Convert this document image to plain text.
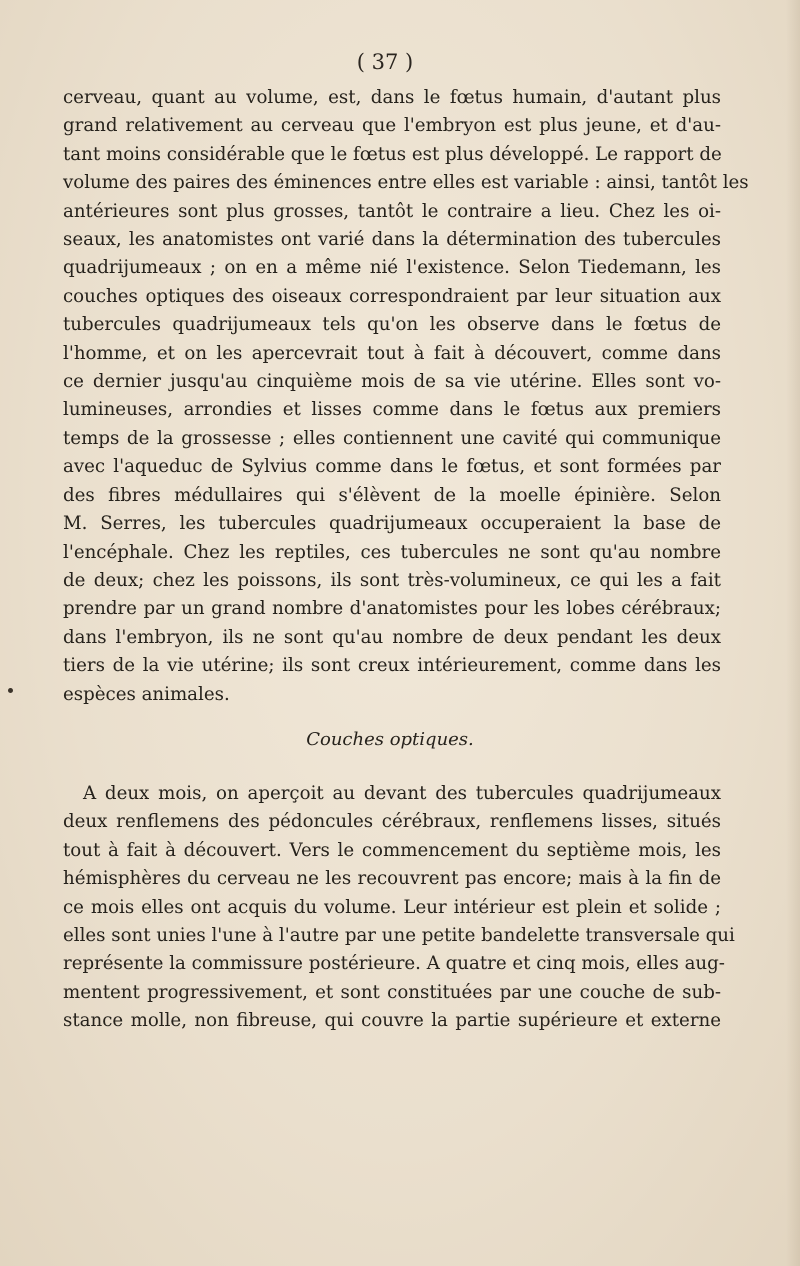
( 37 )
cerveau, quant au volume, est, dans le fœtus humain, d'autant plus
grand relativement au cerveau que l'embryon est plus jeune, et d'au-
tant moins considérable que le fœtus est plus développé. Le rapport de
volume des paires des éminences entre elles est variable : ainsi, tantôt les
antérieures sont plus grosses, tantôt le contraire a lieu. Chez les oi-
seaux, les anatomistes ont varié dans la détermination des tubercules
quadrijumeaux ; on en a même nié l'existence. Selon Tiedemann, les
couches optiques des oiseaux correspondraient par leur situation aux
tubercules quadrijumeaux tels qu'on les observe dans le fœtus de
l'homme, et on les apercevrait tout à fait à découvert, comme dans
ce dernier jusqu'au cinquième mois de sa vie utérine. Elles sont vo-
lumineuses, arrondies et lisses comme dans le fœtus aux premiers
temps de la grossesse ; elles contiennent une cavité qui communique
avec l'aqueduc de Sylvius comme dans le fœtus, et sont formées par
des fibres médullaires qui s'élèvent de la moelle épinière. Selon
M. Serres, les tubercules quadrijumeaux occuperaient la base de
l'encéphale. Chez les reptiles, ces tubercules ne sont qu'au nombre
de deux; chez les poissons, ils sont très-volumineux, ce qui les a fait
prendre par un grand nombre d'anatomistes pour les lobes cérébraux;
dans l'embryon, ils ne sont qu'au nombre de deux pendant les deux
tiers de la vie utérine; ils sont creux intérieurement, comme dans les
espèces animales.
Couches optiques.
A deux mois, on aperçoit au devant des tubercules quadrijumeaux
deux renflemens des pédoncules cérébraux, renflemens lisses, situés
tout à fait à découvert. Vers le commencement du septième mois, les
hémisphères du cerveau ne les recouvrent pas encore; mais à la fin de
ce mois elles ont acquis du volume. Leur intérieur est plein et solide ;
elles sont unies l'une à l'autre par une petite bandelette transversale qui
représente la commissure postérieure. A quatre et cinq mois, elles aug-
mentent progressivement, et sont constituées par une couche de sub-
stance molle, non fibreuse, qui couvre la partie supérieure et externe
